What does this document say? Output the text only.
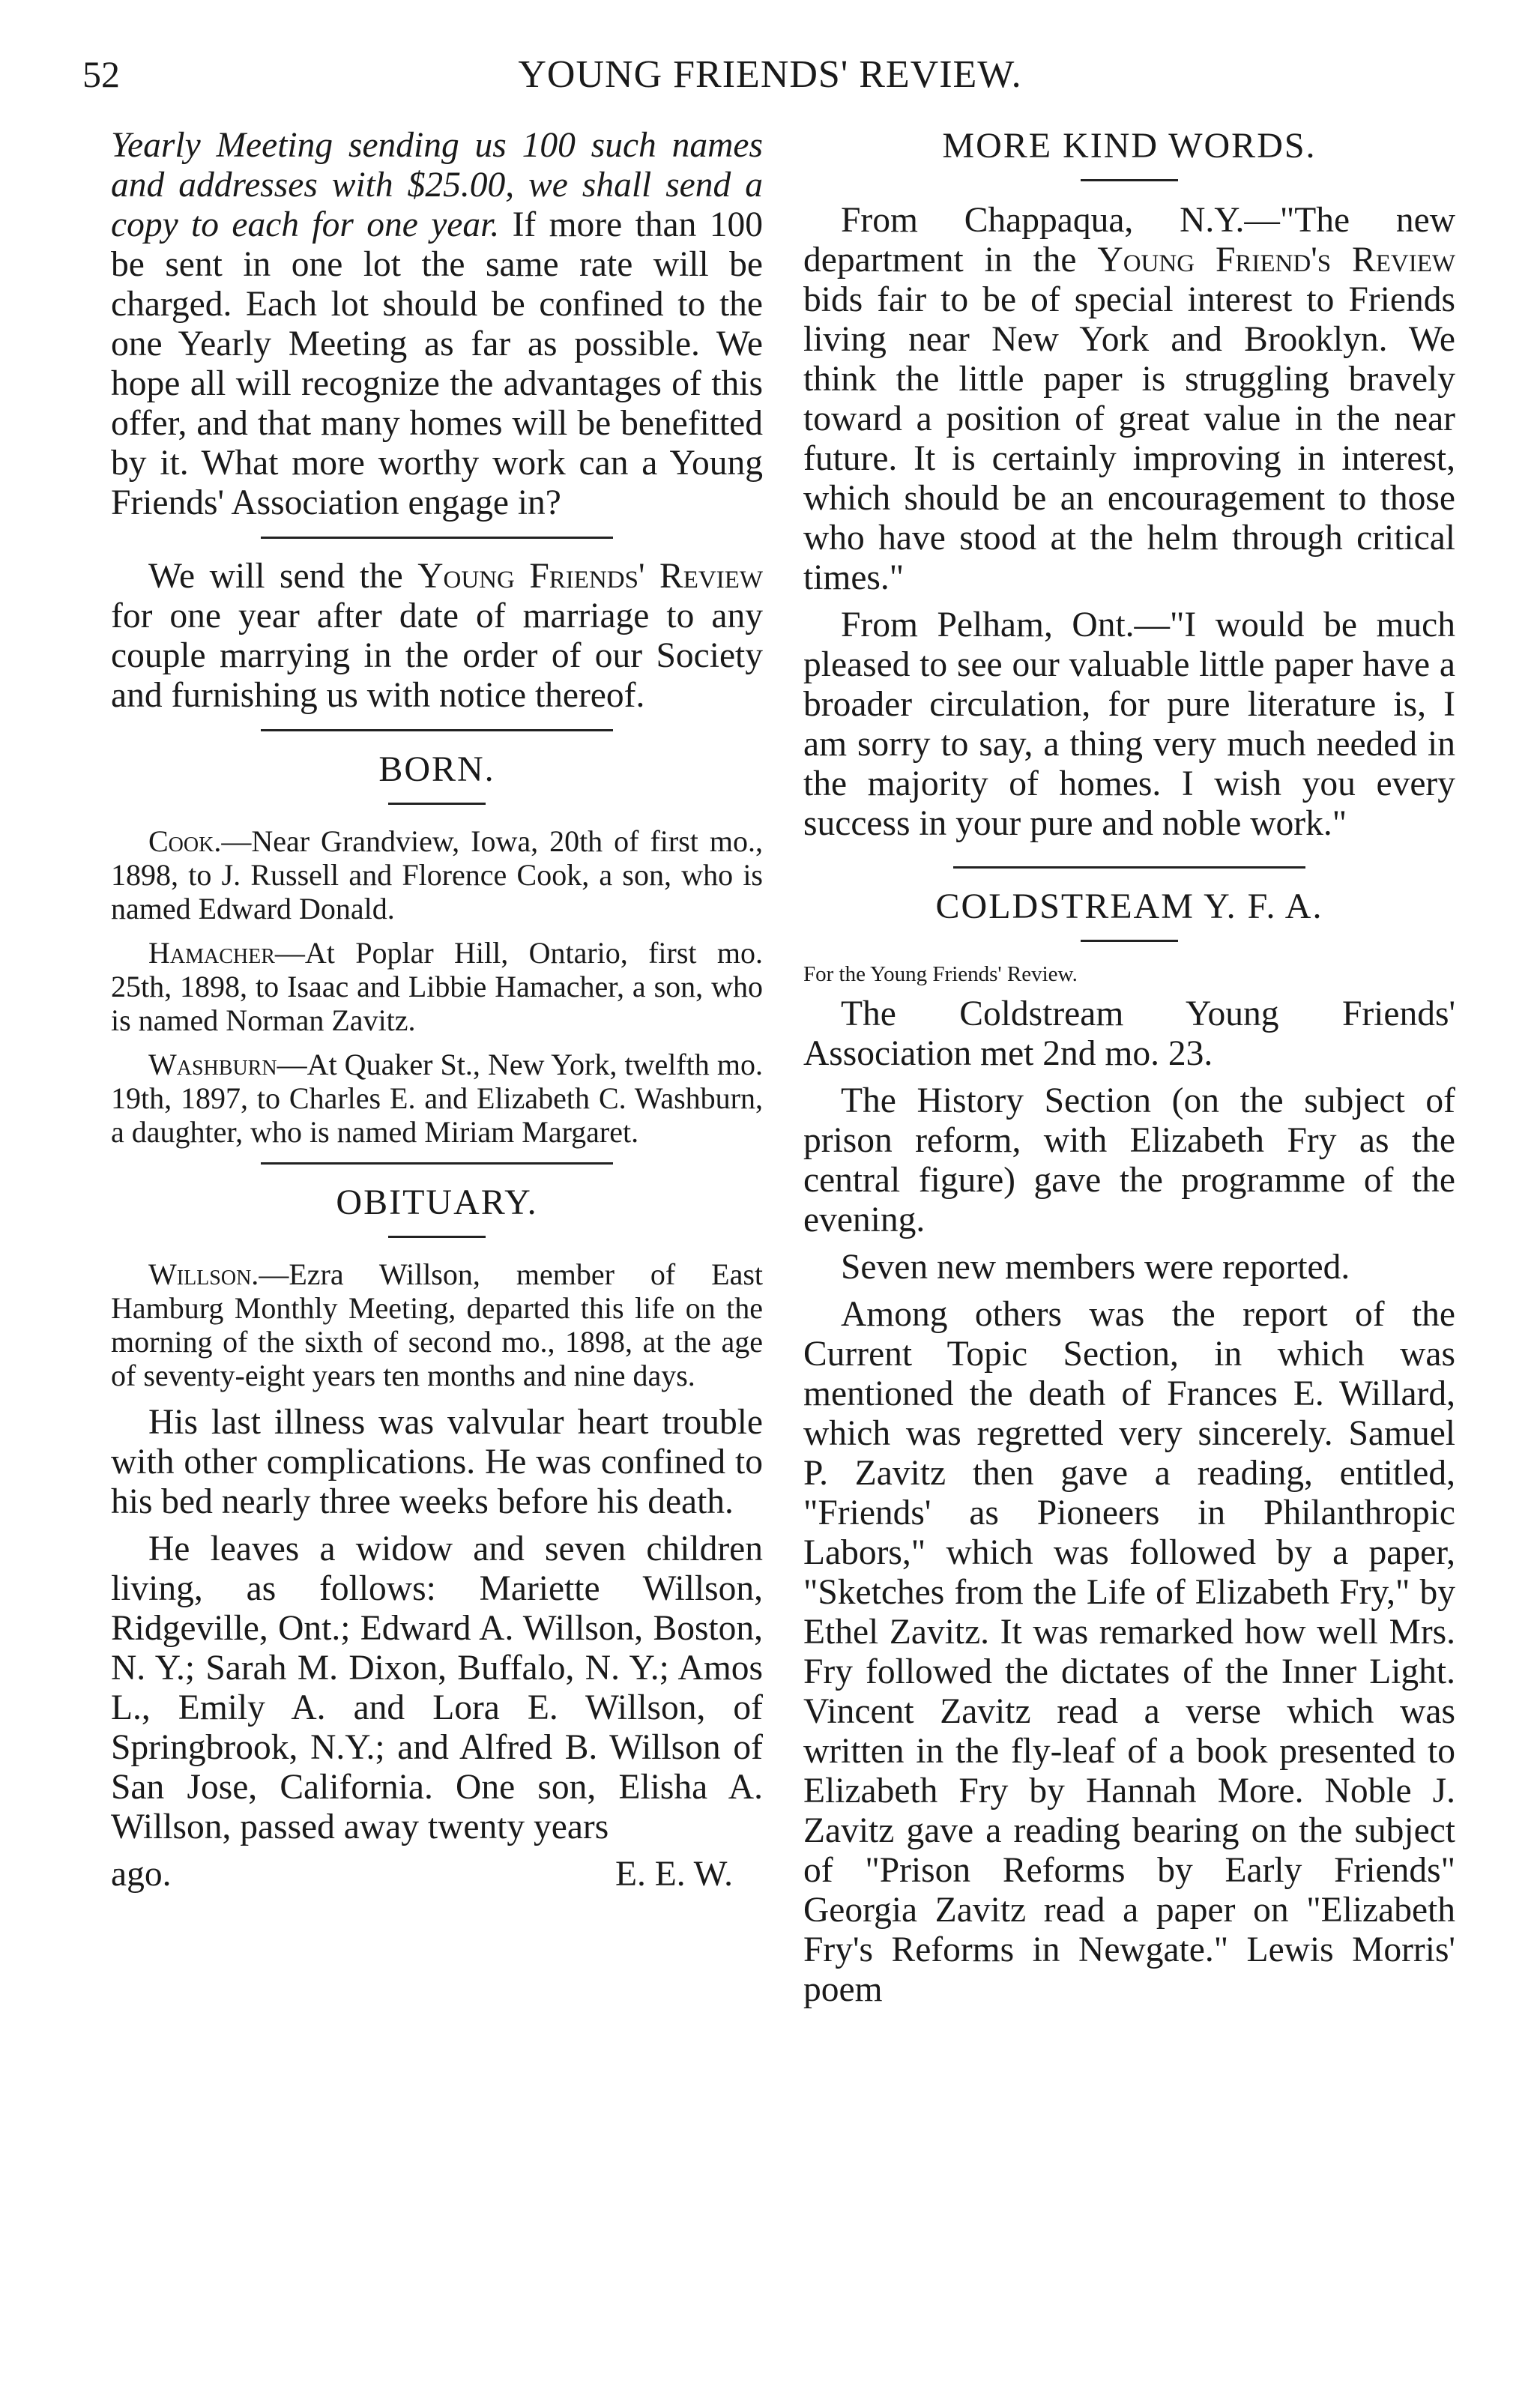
52	YOUNG FRIENDS' REVIEW.

Yearly Meeting sending us 100 such names and addresses with $25.00, we shall send a copy to each for one year. If more than 100 be sent in one lot the same rate will be charged. Each lot should be confined to the one Yearly Meeting as far as possible. We hope all will recognize the advantages of this offer, and that many homes will be benefitted by it. What more worthy work can a Young Friends' Association engage in?

We will send the Young Friends' Review for one year after date of marriage to any couple marrying in the order of our Society and furnishing us with notice thereof.

BORN.

Cook.—Near Grandview, Iowa, 20th of first mo., 1898, to J. Russell and Florence Cook, a son, who is named Edward Donald.

Hamacher—At Poplar Hill, Ontario, first mo. 25th, 1898, to Isaac and Libbie Hamacher, a son, who is named Norman Zavitz.

Washburn—At Quaker St., New York, twelfth mo. 19th, 1897, to Charles E. and Elizabeth C. Washburn, a daughter, who is named Miriam Margaret.

OBITUARY.

Willson.—Ezra Willson, member of East Hamburg Monthly Meeting, departed this life on the morning of the sixth of second mo., 1898, at the age of seventy-eight years ten months and nine days.

His last illness was valvular heart trouble with other complications. He was confined to his bed nearly three weeks before his death.

He leaves a widow and seven children living, as follows: Mariette Willson, Ridgeville, Ont.; Edward A. Willson, Boston, N. Y.; Sarah M. Dixon, Buffalo, N. Y.; Amos L., Emily A. and Lora E. Willson, of Springbrook, N.Y.; and Alfred B. Willson of San Jose, California. One son, Elisha A. Willson, passed away twenty years

ago.	E. E. W.
MORE KIND WORDS.

From Chappaqua, N.Y.—"The new department in the Young Friend's Review bids fair to be of special interest to Friends living near New York and Brooklyn. We think the little paper is struggling bravely toward a position of great value in the near future. It is certainly improving in interest, which should be an encouragement to those who have stood at the helm through critical times."

From Pelham, Ont.—"I would be much pleased to see our valuable little paper have a broader circulation, for pure literature is, I am sorry to say, a thing very much needed in the majority of homes. I wish you every success in your pure and noble work."

COLDSTREAM Y. F. A.

For the Young Friends' Review.

The Coldstream Young Friends' Association met 2nd mo. 23.

The History Section (on the subject of prison reform, with Elizabeth Fry as the central figure) gave the programme of the evening.

Seven new members were reported.

Among others was the report of the Current Topic Section, in which was mentioned the death of Frances E. Willard, which was regretted very sincerely. Samuel P. Zavitz then gave a reading, entitled, "Friends' as Pioneers in Philanthropic Labors," which was followed by a paper, "Sketches from the Life of Elizabeth Fry," by Ethel Zavitz. It was remarked how well Mrs. Fry followed the dictates of the Inner Light. Vincent Zavitz read a verse which was written in the fly-leaf of a book presented to Elizabeth Fry by Hannah More. Noble J. Zavitz gave a reading bearing on the subject of "Prison Reforms by Early Friends" Georgia Zavitz read a paper on "Elizabeth Fry's Reforms in Newgate." Lewis Morris' poem
